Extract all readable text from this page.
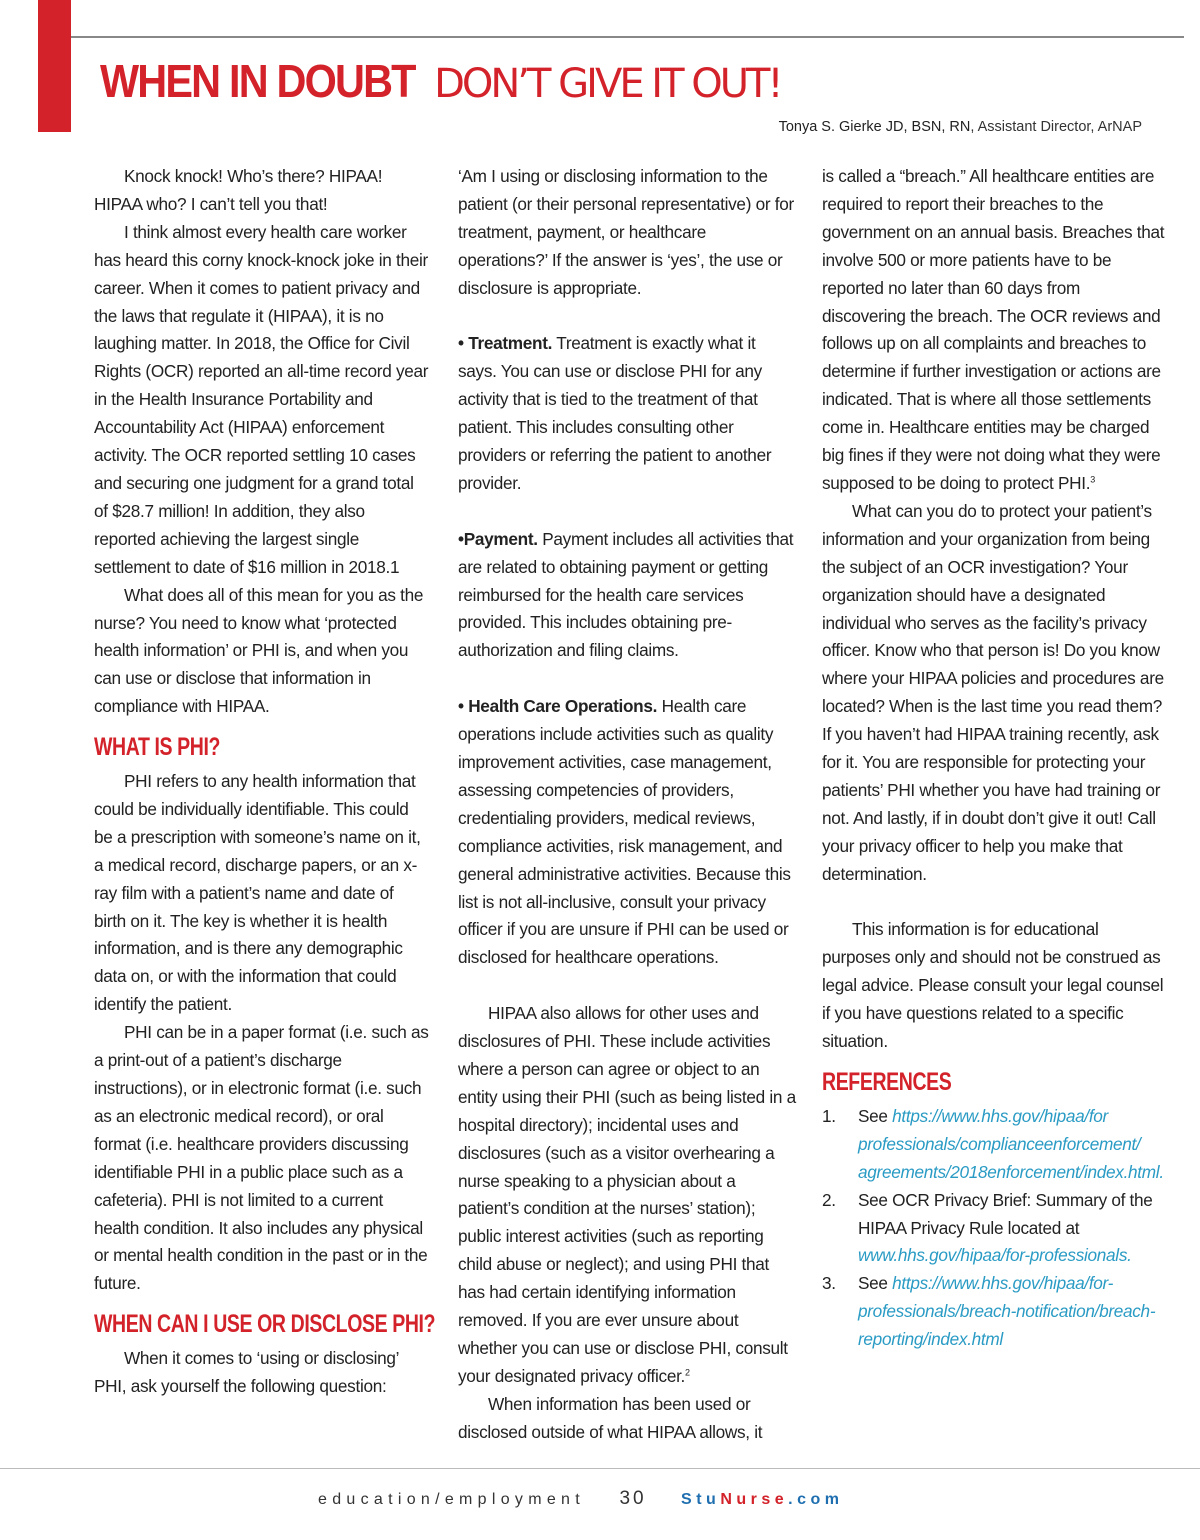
WHEN IN DOUBT DON’T GIVE IT OUT!
Tonya S. Gierke JD, BSN, RN, Assistant Director, ArNAP

Knock knock! Who’s there? HIPAA! HIPAA who? I can’t tell you that!

I think almost every health care worker has heard this corny knock-knock joke in their career. When it comes to patient privacy and the laws that regulate it (HIPAA), it is no laughing matter. In 2018, the Office for Civil Rights (OCR) reported an all-time record year in the Health Insurance Portability and Accountability Act (HIPAA) enforcement activity. The OCR reported settling 10 cases and securing one judgment for a grand total of $28.7 million! In addition, they also reported achieving the largest single settlement to date of $16 million in 2018.1

What does all of this mean for you as the nurse? You need to know what ‘protected health information’ or PHI is, and when you can use or disclose that information in compliance with HIPAA.

WHAT IS PHI?

PHI refers to any health information that could be individually identifiable. This could be a prescription with someone’s name on it, a medical record, discharge papers, or an x-ray film with a patient’s name and date of birth on it. The key is whether it is health information, and is there any demographic data on, or with the information that could identify the patient.

PHI can be in a paper format (i.e. such as a print-out of a patient’s discharge instructions), or in electronic format (i.e. such as an electronic medical record), or oral format (i.e. healthcare providers discussing identifiable PHI in a public place such as a cafeteria). PHI is not limited to a current health condition. It also includes any physical or mental health condition in the past or in the future.

WHEN CAN I USE OR DISCLOSE PHI?

When it comes to ‘using or disclosing’ PHI, ask yourself the following question:

‘Am I using or disclosing information to the patient (or their personal representative) or for treatment, payment, or healthcare operations?’ If the answer is ‘yes’, the use or disclosure is appropriate.

• Treatment. Treatment is exactly what it says. You can use or disclose PHI for any activity that is tied to the treatment of that patient. This includes consulting other providers or referring the patient to another provider.

•Payment. Payment includes all activities that are related to obtaining payment or getting reimbursed for the health care services provided. This includes obtaining pre-authorization and filing claims.

• Health Care Operations. Health care operations include activities such as quality improvement activities, case management, assessing competencies of providers, credentialing providers, medical reviews, compliance activities, risk management, and general administrative activities. Because this list is not all-inclusive, consult your privacy officer if you are unsure if PHI can be used or disclosed for healthcare operations.

HIPAA also allows for other uses and disclosures of PHI. These include activities where a person can agree or object to an entity using their PHI (such as being listed in a hospital directory); incidental uses and disclosures (such as a visitor overhearing a nurse speaking to a physician about a patient’s condition at the nurses’ station); public interest activities (such as reporting child abuse or neglect); and using PHI that has had certain identifying information removed. If you are ever unsure about whether you can use or disclose PHI, consult your designated privacy officer.$^2$

When information has been used or disclosed outside of what HIPAA allows, it

is called a “breach.” All healthcare entities are required to report their breaches to the government on an annual basis. Breaches that involve 500 or more patients have to be reported no later than 60 days from discovering the breach. The OCR reviews and follows up on all complaints and breaches to determine if further investigation or actions are indicated. That is where all those settlements come in. Healthcare entities may be charged big fines if they were not doing what they were supposed to be doing to protect PHI.$^3$

What can you do to protect your patient’s information and your organization from being the subject of an OCR investigation? Your organization should have a designated individual who serves as the facility’s privacy officer. Know who that person is! Do you know where your HIPAA policies and procedures are located? When is the last time you read them? If you haven’t had HIPAA training recently, ask for it. You are responsible for protecting your patients’ PHI whether you have had training or not. And lastly, if in doubt don’t give it out! Call your privacy officer to help you make that determination.

This information is for educational purposes only and should not be construed as legal advice. Please consult your legal counsel if you have questions related to a specific situation.

REFERENCES
1. See https://www.hhs.gov/hipaa/for professionals/complianceenforcement/ agreements/2018enforcement/index.html.
2. See OCR Privacy Brief: Summary of the HIPAA Privacy Rule located at www.hhs.gov/hipaa/for-professionals.
3. See https://www.hhs.gov/hipaa/for-professionals/breach-notification/breach-reporting/index.html
education/employment 30 StuNurse.com
